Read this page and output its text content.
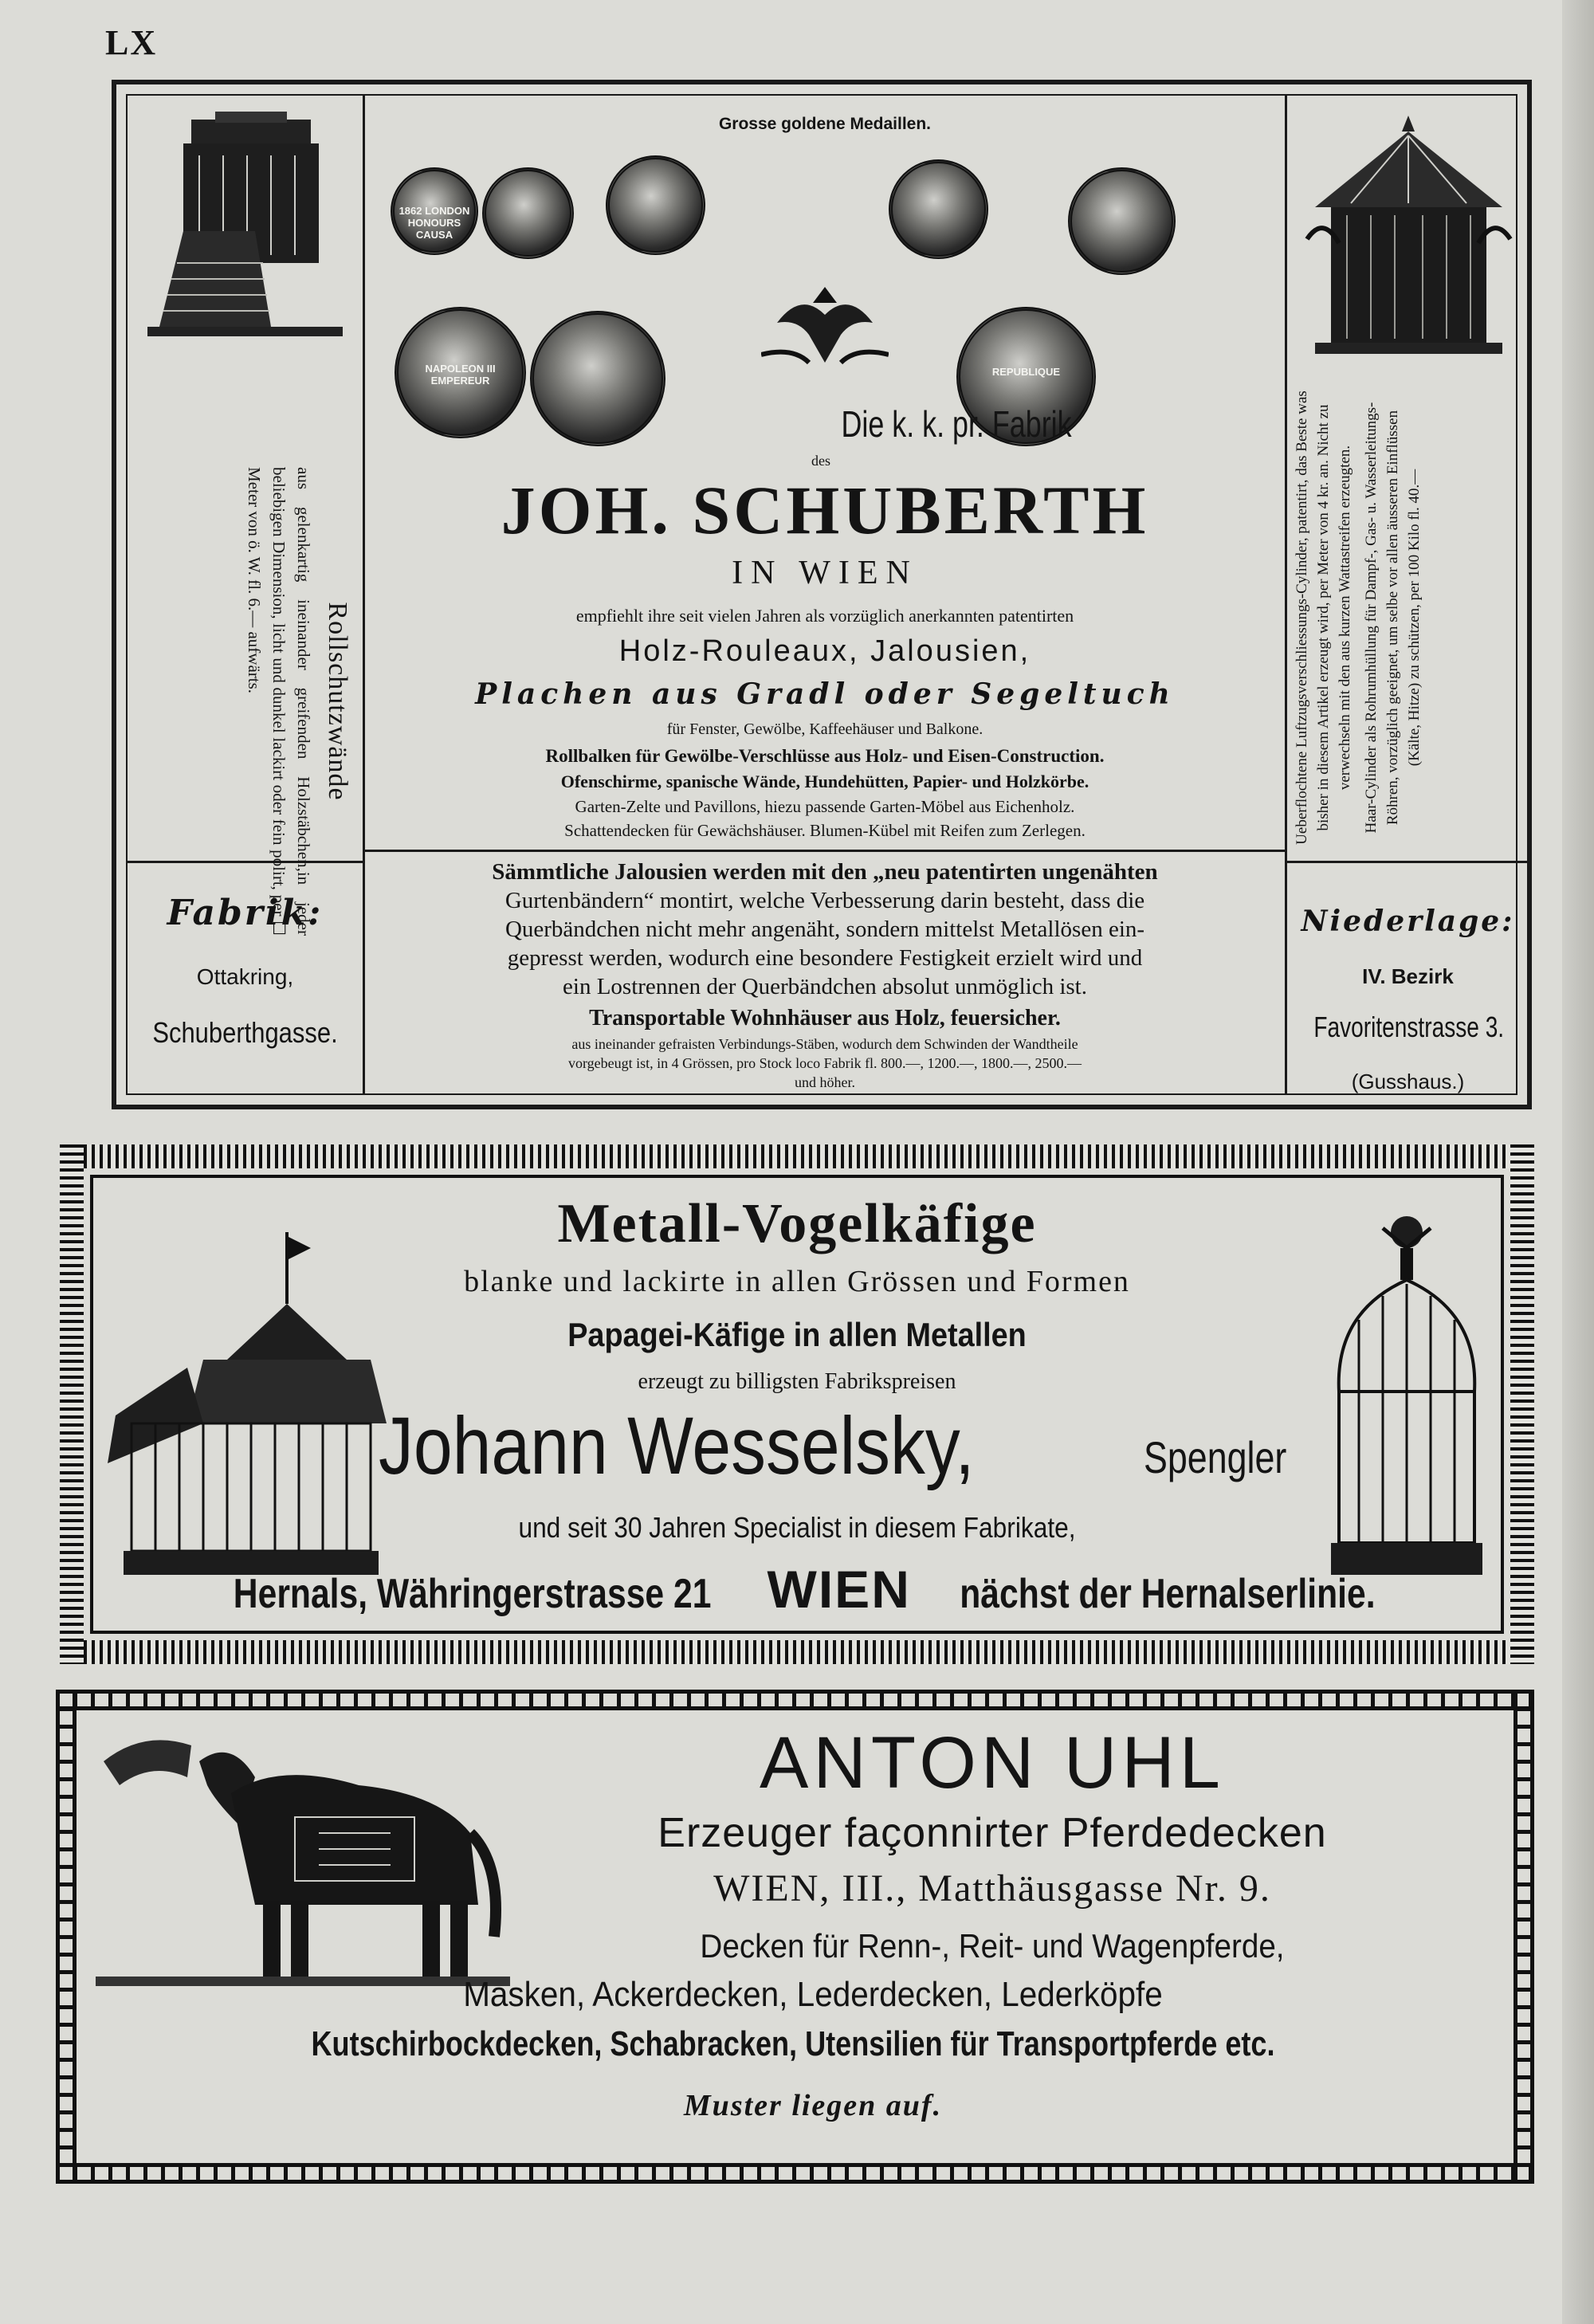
LX
Rollschutzwände
aus gelenkartig ineinander greifenden Holzstäbchen,in jeder beliebigen Dimension, licht und dunkel lackirt oder fein polirt, per ☐ Meter von ö. W. fl. 6.— aufwärts.
Fabrik:
Ottakring,
Schuberthgasse.
Ueberflochtene Luftzugsverschliessungs-Cylinder, patentirt, das Beste was bisher in diesem Artikel erzeugt wird, per Meter von 4 kr. an. Nicht zu verwechseln mit den aus kurzen Wattastreifen erzeugten. Haar-Cylinder als Rohrumhüllung für Dampf-, Gas- u. Wasserleitungs-Röhren, vorzüglich geeignet, um selbe vor allen äusseren Einflüssen (Kälte, Hitze) zu schützen, per 100 Kilo fl. 40.—
Niederlage:
IV. Bezirk
Favoritenstrasse 3.
(Gusshaus.)
Grosse goldene Medaillen.
1862 LONDON HONOURS CAUSA
NAPOLEON III EMPEREUR
REPUBLIQUE
Die k. k. pr. Fabrik
des
JOH. SCHUBERTH
IN WIEN
empfiehlt ihre seit vielen Jahren als vorzüglich anerkannten patentirten
Holz-Rouleaux, Jalousien,
Plachen aus Gradl oder Segeltuch
für Fenster, Gewölbe, Kaffeehäuser und Balkone.
Rollbalken für Gewölbe-Verschlüsse aus Holz- und Eisen-Construction.
Ofenschirme, spanische Wände, Hundehütten, Papier- und Holzkörbe.
Garten-Zelte und Pavillons, hiezu passende Garten-Möbel aus Eichenholz.
Schattendecken für Gewächshäuser. Blumen-Kübel mit Reifen zum Zerlegen.
Sämmtliche Jalousien werden mit den „neu patentirten ungenähten
Gurtenbändern“ montirt, welche Verbesserung darin besteht, dass die
Querbändchen nicht mehr angenäht, sondern mittelst Metallösen ein-
gepresst werden, wodurch eine besondere Festigkeit erzielt wird und
ein Lostrennen der Querbändchen absolut unmöglich ist.
Transportable Wohnhäuser aus Holz, feuersicher.
aus ineinander gefraisten Verbindungs-Stäben, wodurch dem Schwinden der Wandtheile
vorgebeugt ist, in 4 Grössen, pro Stock loco Fabrik fl. 800.—, 1200.—, 1800.—, 2500.—
und höher.
Metall-Vogelkäfige
blanke und lackirte in allen Grössen und Formen
Papagei-Käfige in allen Metallen
erzeugt zu billigsten Fabrikspreisen
Johann Wesselsky,	Spengler
und seit 30 Jahren Specialist in diesem Fabrikate,
Hernals, Währingerstrasse 21 WIEN nächst der Hernalserlinie.
ANTON UHL
Erzeuger façonnirter Pferdedecken
WIEN, III., Matthäusgasse Nr. 9.
Decken für Renn-, Reit- und Wagenpferde,
Masken, Ackerdecken, Lederdecken, Lederköpfe
Kutschirbockdecken, Schabracken, Utensilien für Transportpferde etc.
Muster liegen auf.
